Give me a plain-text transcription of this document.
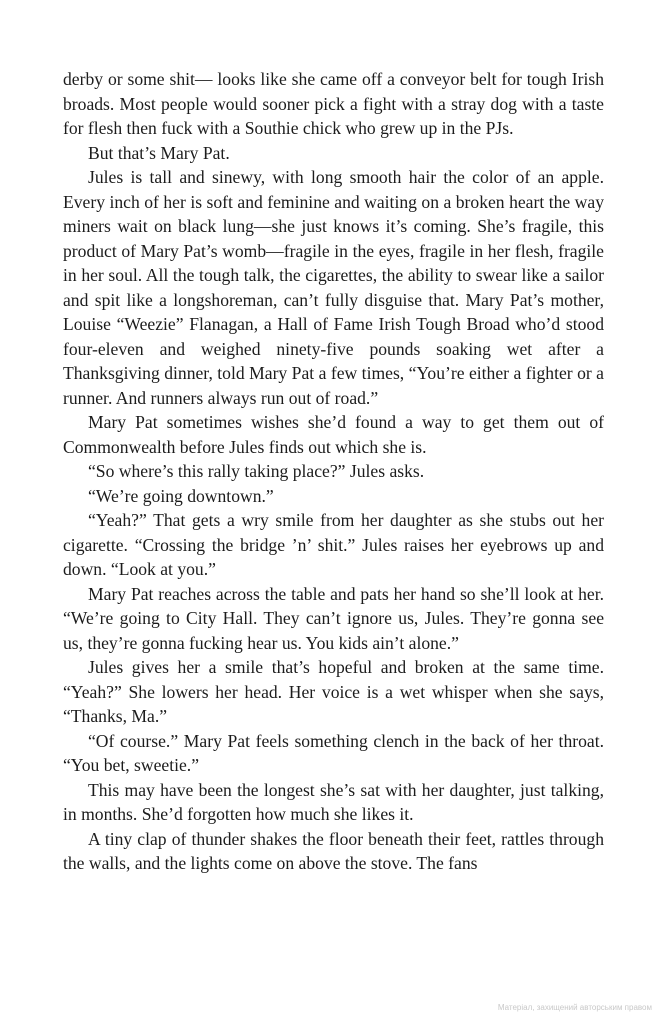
derby or some shit— looks like she came off a conveyor belt for tough Irish broads. Most people would sooner pick a fight with a stray dog with a taste for flesh then fuck with a Southie chick who grew up in the PJs.

But that’s Mary Pat.

Jules is tall and sinewy, with long smooth hair the color of an apple. Every inch of her is soft and feminine and waiting on a broken heart the way miners wait on black lung—she just knows it’s coming. She’s fragile, this product of Mary Pat’s womb—fragile in the eyes, fragile in her flesh, fragile in her soul. All the tough talk, the cigarettes, the ability to swear like a sailor and spit like a longshoreman, can’t fully disguise that. Mary Pat’s mother, Louise “Weezie” Flanagan, a Hall of Fame Irish Tough Broad who’d stood four-eleven and weighed ninety-five pounds soaking wet after a Thanksgiving dinner, told Mary Pat a few times, “You’re either a fighter or a runner. And runners always run out of road.”

Mary Pat sometimes wishes she’d found a way to get them out of Commonwealth before Jules finds out which she is.

“So where’s this rally taking place?” Jules asks.

“We’re going downtown.”

“Yeah?” That gets a wry smile from her daughter as she stubs out her cigarette. “Crossing the bridge ’n’ shit.” Jules raises her eyebrows up and down. “Look at you.”

Mary Pat reaches across the table and pats her hand so she’ll look at her. “We’re going to City Hall. They can’t ignore us, Jules. They’re gonna see us, they’re gonna fucking hear us. You kids ain’t alone.”

Jules gives her a smile that’s hopeful and broken at the same time. “Yeah?” She lowers her head. Her voice is a wet whisper when she says, “Thanks, Ma.”

“Of course.” Mary Pat feels something clench in the back of her throat. “You bet, sweetie.”

This may have been the longest she’s sat with her daughter, just talking, in months. She’d forgotten how much she likes it.

A tiny clap of thunder shakes the floor beneath their feet, rattles through the walls, and the lights come on above the stove. The fans

Матеріал, захищений авторським правом
